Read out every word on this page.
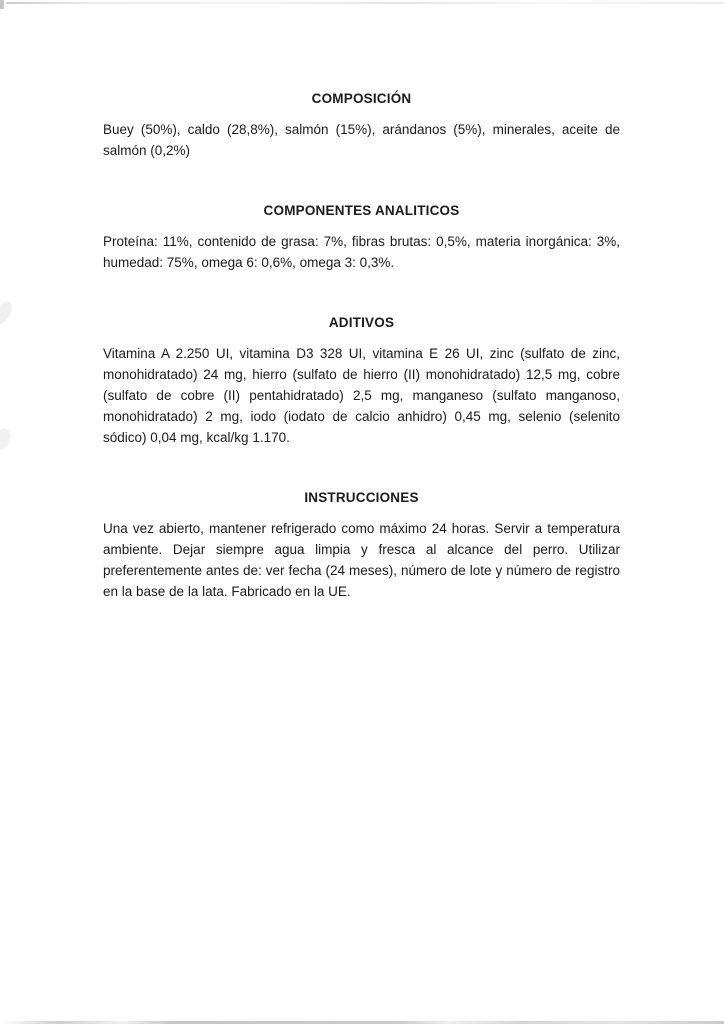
COMPOSICIÓN

Buey (50%), caldo (28,8%), salmón (15%), arándanos (5%), minerales, aceite de salmón (0,2%)

COMPONENTES ANALITICOS

Proteína: 11%, contenido de grasa: 7%, fibras brutas: 0,5%, materia inorgánica: 3%, humedad: 75%, omega 6: 0,6%, omega 3: 0,3%.

ADITIVOS

Vitamina A 2.250 UI, vitamina D3 328 UI, vitamina E 26 UI, zinc (sulfato de zinc, monohidratado) 24 mg, hierro (sulfato de hierro (II) monohidratado) 12,5 mg, cobre (sulfato de cobre (II) pentahidratado) 2,5 mg, manganeso (sulfato manganoso, monohidratado) 2 mg, iodo (iodato de calcio anhidro) 0,45 mg, selenio (selenito sódico) 0,04 mg, kcal/kg 1.170.

INSTRUCCIONES

Una vez abierto, mantener refrigerado como máximo 24 horas. Servir a temperatura ambiente. Dejar siempre agua limpia y fresca al alcance del perro. Utilizar preferentemente antes de: ver fecha (24 meses), número de lote y número de registro en la base de la lata. Fabricado en la UE.
